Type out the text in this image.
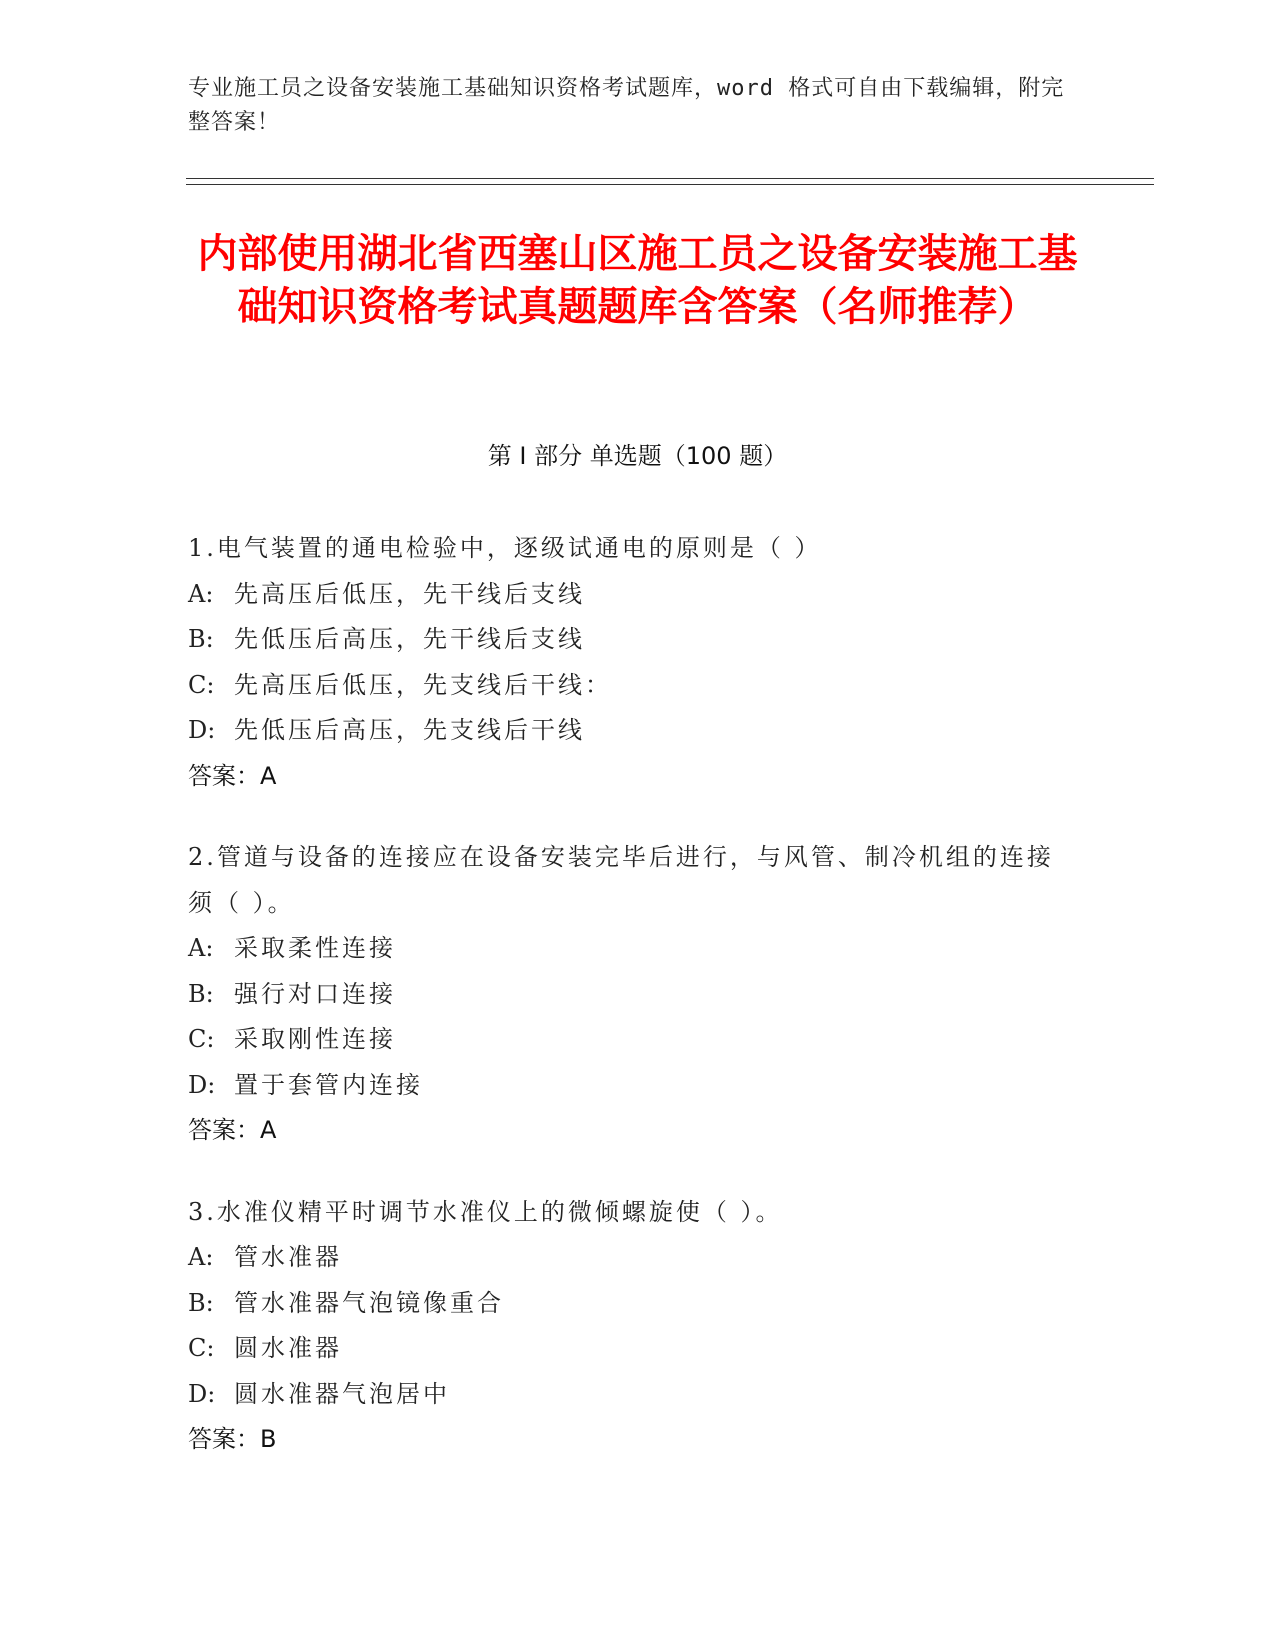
专业施工员之设备安装施工基础知识资格考试题库，word 格式可自由下载编辑，附完整答案！
内部使用湖北省西塞山区施工员之设备安装施工基础知识资格考试真题题库含答案（名师推荐）
第 I 部分 单选题（100 题）
1.电气装置的通电检验中，逐级试通电的原则是（ ）
A: 先高压后低压，先干线后支线
B: 先低压后高压，先干线后支线
C: 先高压后低压，先支线后干线：
D: 先低压后高压，先支线后干线
答案：A
2.管道与设备的连接应在设备安装完毕后进行，与风管、制冷机组的连接须（ ）。
A: 采取柔性连接
B: 强行对口连接
C: 采取刚性连接
D: 置于套管内连接
答案：A
3.水准仪精平时调节水准仪上的微倾螺旋使（ ）。
A: 管水准器
B: 管水准器气泡镜像重合
C: 圆水准器
D: 圆水准器气泡居中
答案：B
